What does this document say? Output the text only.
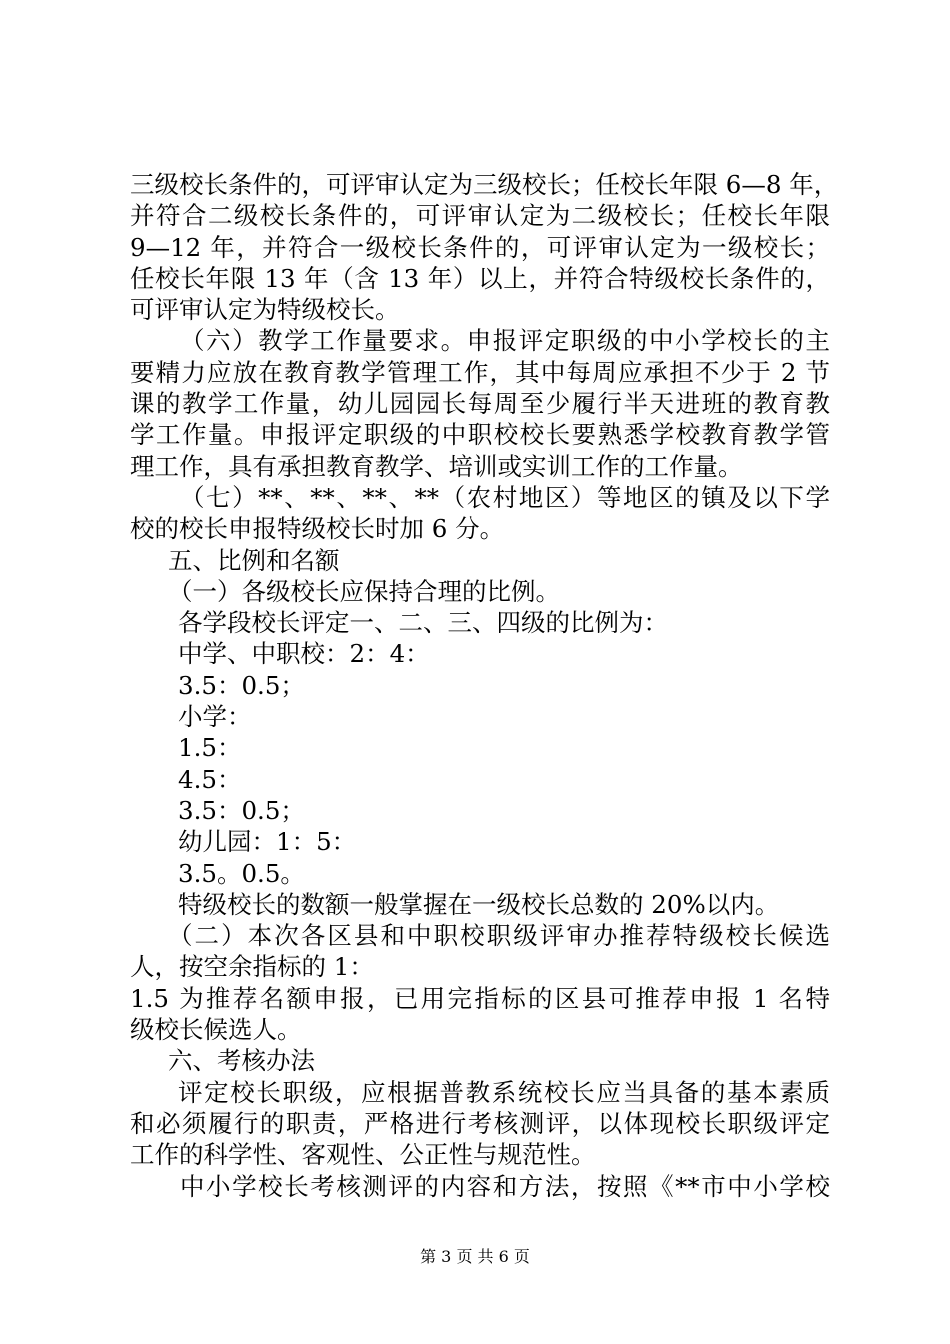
三级校长条件的，可评审认定为三级校长；任校长年限 6—8 年，
并符合二级校长条件的，可评审认定为二级校长；任校长年限
9—12 年，并符合一级校长条件的，可评审认定为一级校长；
任校长年限 13 年（含 13 年）以上，并符合特级校长条件的，
可评审认定为特级校长。
（六）教学工作量要求。申报评定职级的中小学校长的主
要精力应放在教育教学管理工作，其中每周应承担不少于 2 节
课的教学工作量，幼儿园园长每周至少履行半天进班的教育教
学工作量。申报评定职级的中职校校长要熟悉学校教育教学管
理工作，具有承担教育教学、培训或实训工作的工作量。
（七）**、**、**、**（农村地区）等地区的镇及以下学
校的校长申报特级校长时加 6 分。
五、比例和名额
（一）各级校长应保持合理的比例。
各学段校长评定一、二、三、四级的比例为：
中学、中职校：2：4：
3.5：0.5；
小学：
1.5：
4.5：
3.5：0.5；
幼儿园：1：5：
3.5。0.5。
特级校长的数额一般掌握在一级校长总数的 20%以内。
（二）本次各区县和中职校职级评审办推荐特级校长候选
人，按空余指标的 1：
1.5 为推荐名额申报，已用完指标的区县可推荐申报 1 名特
级校长候选人。
六、考核办法
评定校长职级，应根据普教系统校长应当具备的基本素质
和必须履行的职责，严格进行考核测评，以体现校长职级评定
工作的科学性、客观性、公正性与规范性。
中小学校长考核测评的内容和方法，按照《**市中小学校
第 3 页 共 6 页
